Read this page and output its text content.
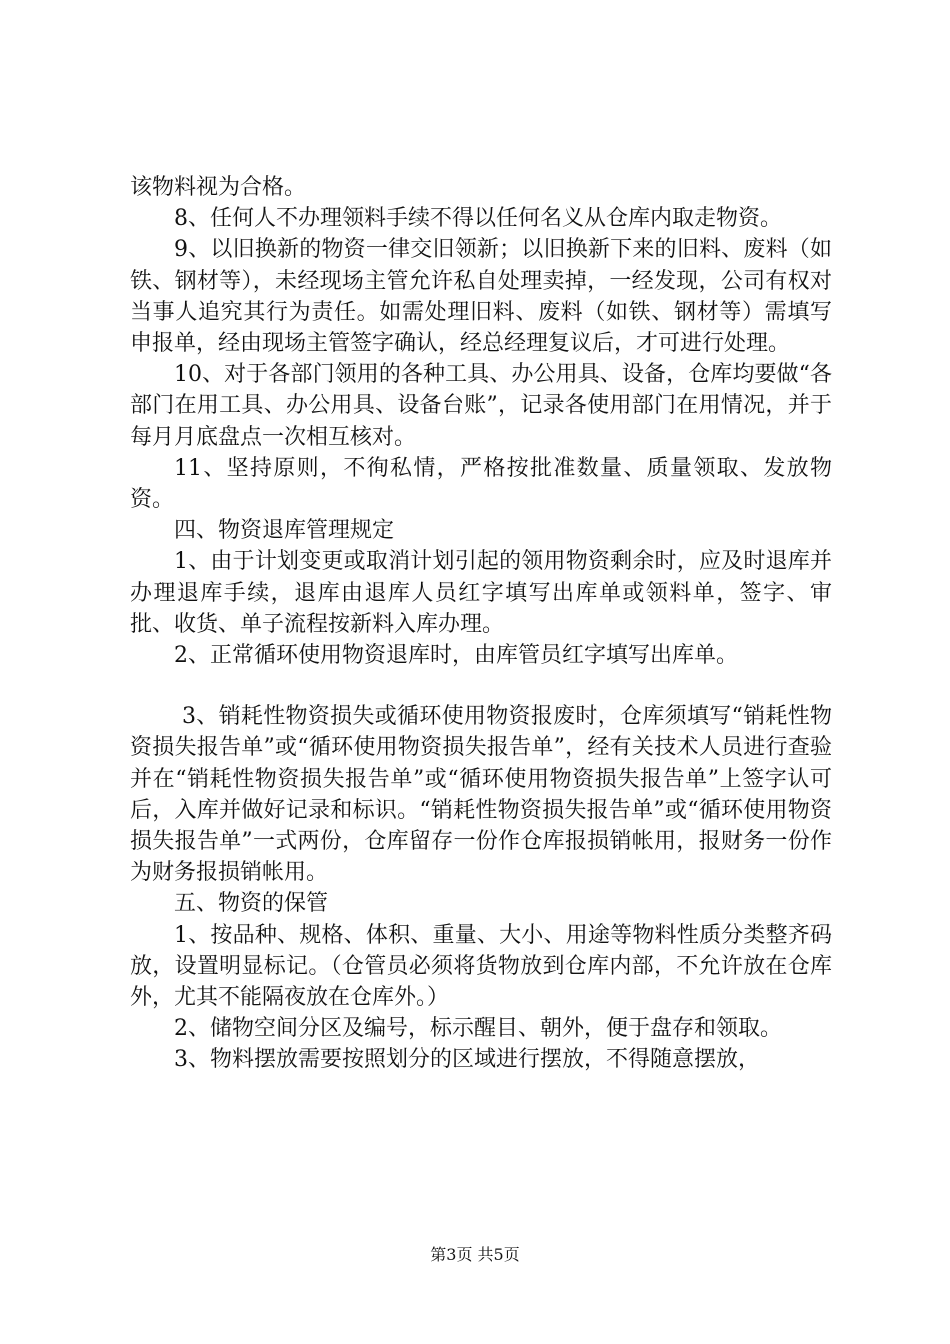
该物料视为合格。

8、任何人不办理领料手续不得以任何名义从仓库内取走物资。

9、以旧换新的物资一律交旧领新；以旧换新下来的旧料、废料（如铁、钢材等），未经现场主管允许私自处理卖掉，一经发现，公司有权对当事人追究其行为责任。如需处理旧料、废料（如铁、钢材等）需填写申报单，经由现场主管签字确认，经总经理复议后，才可进行处理。

10、对于各部门领用的各种工具、办公用具、设备，仓库均要做“各部门在用工具、办公用具、设备台账”，记录各使用部门在用情况，并于每月月底盘点一次相互核对。

11、坚持原则，不徇私情，严格按批准数量、质量领取、发放物资。

四、物资退库管理规定

1、由于计划变更或取消计划引起的领用物资剩余时，应及时退库并办理退库手续，退库由退库人员红字填写出库单或领料单，签字、审批、收货、单子流程按新料入库办理。

2、正常循环使用物资退库时，由库管员红字填写出库单。

3、销耗性物资损失或循环使用物资报废时，仓库须填写“销耗性物资损失报告单”或“循环使用物资损失报告单”，经有关技术人员进行查验并在“销耗性物资损失报告单”或“循环使用物资损失报告单”上签字认可后，入库并做好记录和标识。“销耗性物资损失报告单”或“循环使用物资损失报告单”一式两份，仓库留存一份作仓库报损销帐用，报财务一份作为财务报损销帐用。

五、物资的保管

1、按品种、规格、体积、重量、大小、用途等物料性质分类整齐码放，设置明显标记。（仓管员必须将货物放到仓库内部，不允许放在仓库外，尤其不能隔夜放在仓库外。）

2、储物空间分区及编号，标示醒目、朝外，便于盘存和领取。

3、物料摆放需要按照划分的区域进行摆放，不得随意摆放，

第3页 共5页
